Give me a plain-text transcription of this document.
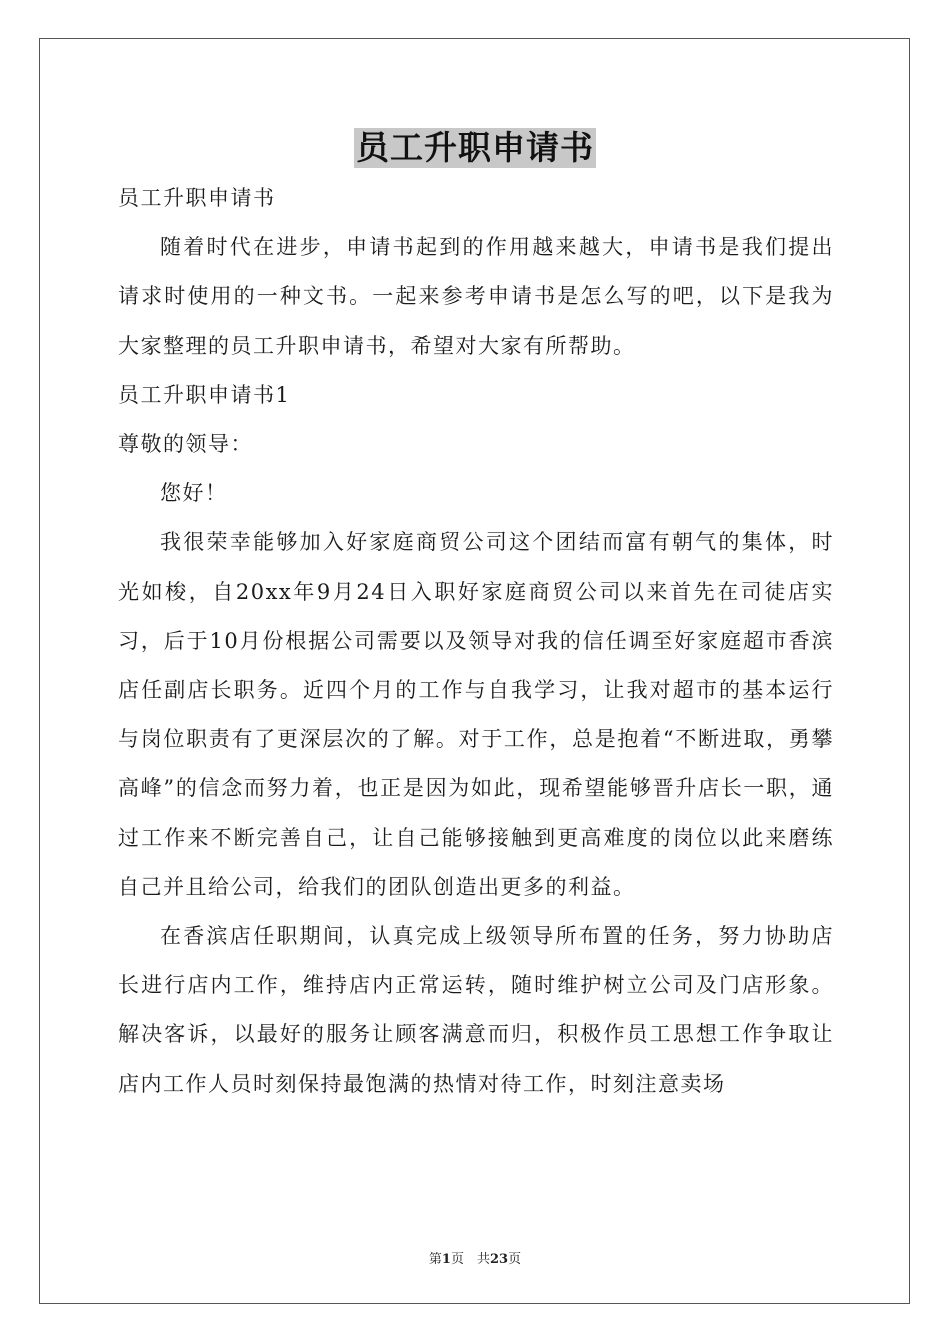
员工升职申请书

员工升职申请书

随着时代在进步，申请书起到的作用越来越大，申请书是我们提出请求时使用的一种文书。一起来参考申请书是怎么写的吧，以下是我为大家整理的员工升职申请书，希望对大家有所帮助。

员工升职申请书1

尊敬的领导：

您好！

我很荣幸能够加入好家庭商贸公司这个团结而富有朝气的集体，时光如梭，自20xx年9月24日入职好家庭商贸公司以来首先在司徒店实习，后于10月份根据公司需要以及领导对我的信任调至好家庭超市香滨店任副店长职务。近四个月的工作与自我学习，让我对超市的基本运行与岗位职责有了更深层次的了解。对于工作，总是抱着“不断进取，勇攀高峰”的信念而努力着，也正是因为如此，现希望能够晋升店长一职，通过工作来不断完善自己，让自己能够接触到更高难度的岗位以此来磨练自己并且给公司，给我们的团队创造出更多的利益。

在香滨店任职期间，认真完成上级领导所布置的任务，努力协助店长进行店内工作，维持店内正常运转，随时维护树立公司及门店形象。解决客诉，以最好的服务让顾客满意而归，积极作员工思想工作争取让店内工作人员时刻保持最饱满的热情对待工作，时刻注意卖场

第1页　共23页
